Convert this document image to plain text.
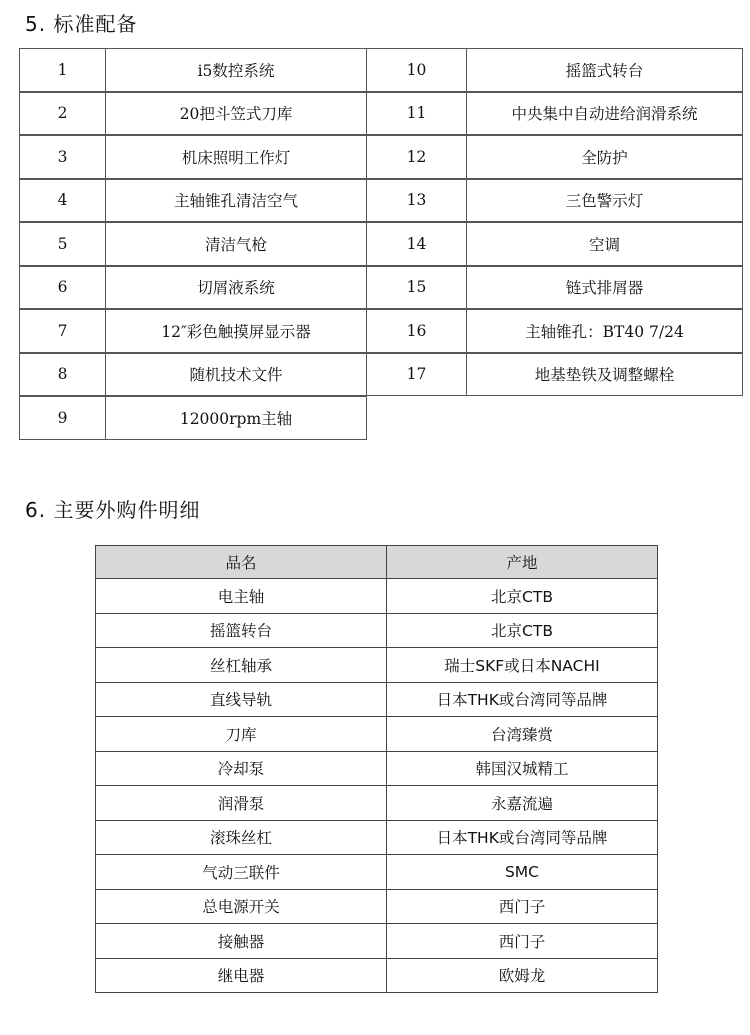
5. 标准配备
1	i5数控系统	10	摇篮式转台
2	20把斗笠式刀库	11	中央集中自动进给润滑系统
3	机床照明工作灯	12	全防护
4	主轴锥孔清洁空气	13	三色警示灯
5	清洁气枪	14	空调
6	切屑液系统	15	链式排屑器
7	12″彩色触摸屏显示器	16	主轴锥孔：BT40 7/24
8	随机技术文件	17	地基垫铁及调整螺栓
9	12000rpm主轴
6. 主要外购件明细
品名	产地
电主轴	北京CTB
摇篮转台	北京CTB
丝杠轴承	瑞士SKF或日本NACHI
直线导轨	日本THK或台湾同等品牌
刀库	台湾臻赏
冷却泵	韩国汉城精工
润滑泵	永嘉流遍
滚珠丝杠	日本THK或台湾同等品牌
气动三联件	SMC
总电源开关	西门子
接触器	西门子
继电器	欧姆龙
